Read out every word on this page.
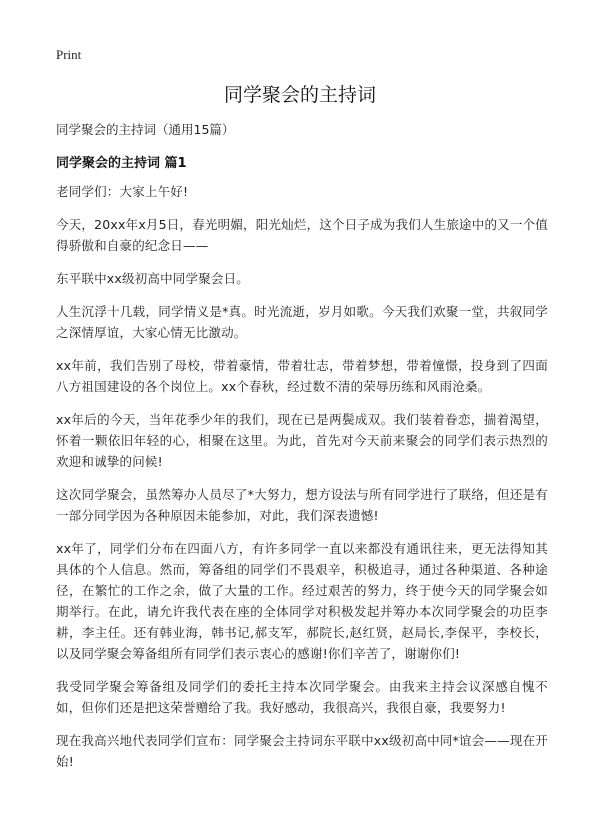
Print
同学聚会的主持词
同学聚会的主持词（通用15篇）
同学聚会的主持词 篇1

老同学们：大家上午好!

今天，20xx年x月5日，春光明媚，阳光灿烂，这个日子成为我们人生旅途中的又一个值得骄傲和自豪的纪念日——

东平联中xx级初高中同学聚会日。

人生沉浮十几载，同学情义是*真。时光流逝，岁月如歌。今天我们欢聚一堂，共叙同学之深情厚谊，大家心情无比激动。

xx年前，我们告别了母校，带着豪情，带着壮志，带着梦想，带着憧憬，投身到了四面八方祖国建设的各个岗位上。xx个春秋，经过数不清的荣辱历练和风雨沧桑。

xx年后的今天，当年花季少年的我们，现在已是两鬓成双。我们装着眷恋，揣着渴望，怀着一颗依旧年轻的心，相聚在这里。为此，首先对今天前来聚会的同学们表示热烈的欢迎和诚挚的问候!

这次同学聚会，虽然筹办人员尽了*大努力，想方设法与所有同学进行了联络，但还是有一部分同学因为各种原因未能参加，对此，我们深表遗憾!

xx年了，同学们分布在四面八方，有许多同学一直以来都没有通讯往来，更无法得知其具体的个人信息。然而，筹备组的同学们不畏艰辛，积极追寻，通过各种渠道、各种途径，在繁忙的工作之余，做了大量的工作。经过艰苦的努力，终于使今天的同学聚会如期举行。在此，请允许我代表在座的全体同学对积极发起并筹办本次同学聚会的功臣李耕，李主任。还有韩业海，韩书记,郝支军，郝院长,赵红贤，赵局长,李保平，李校长，以及同学聚会筹备组所有同学们表示衷心的感谢!你们辛苦了，谢谢你们!

我受同学聚会筹备组及同学们的委托主持本次同学聚会。由我来主持会议深感自愧不如，但你们还是把这荣誉赠给了我。我好感动，我很高兴，我很自豪，我要努力!

现在我高兴地代表同学们宣布：同学聚会主持词东平联中xx级初高中同*谊会——现在开始!
